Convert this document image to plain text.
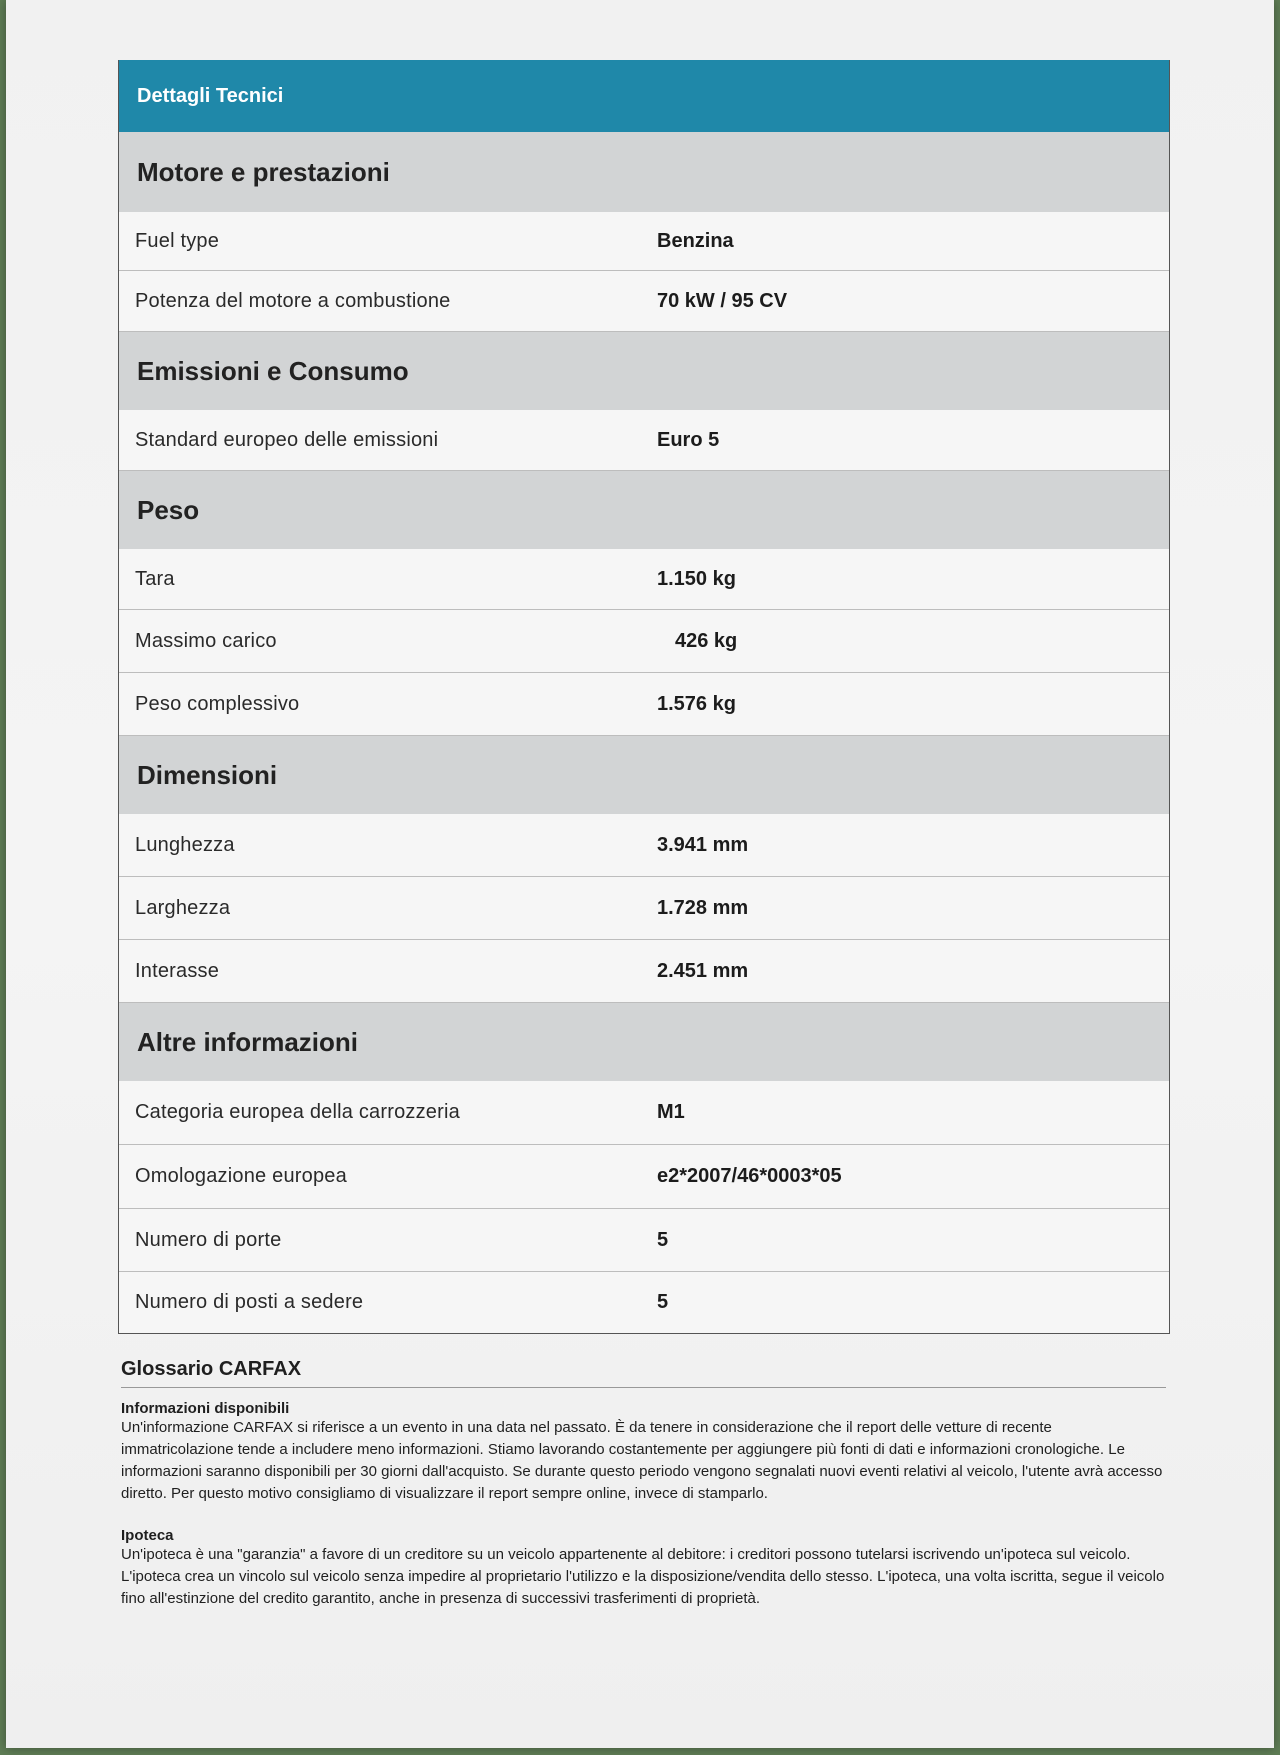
Dettagli Tecnici
Motore e prestazioni
Fuel type	Benzina
Potenza del motore a combustione	70 kW / 95 CV
Emissioni e Consumo
Standard europeo delle emissioni	Euro 5
Peso
Tara	1.150 kg
Massimo carico	426 kg
Peso complessivo	1.576 kg
Dimensioni
Lunghezza	3.941 mm
Larghezza	1.728 mm
Interasse	2.451 mm
Altre informazioni
Categoria europea della carrozzeria	M1
Omologazione europea	e2*2007/46*0003*05
Numero di porte	5
Numero di posti a sedere	5
Glossario CARFAX
Informazioni disponibili
Un'informazione CARFAX si riferisce a un evento in una data nel passato. È da tenere in considerazione che il report delle vetture di recente immatricolazione tende a includere meno informazioni. Stiamo lavorando costantemente per aggiungere più fonti di dati e informazioni cronologiche. Le informazioni saranno disponibili per 30 giorni dall'acquisto. Se durante questo periodo vengono segnalati nuovi eventi relativi al veicolo, l'utente avrà accesso diretto. Per questo motivo consigliamo di visualizzare il report sempre online, invece di stamparlo.
Ipoteca
Un'ipoteca è una "garanzia" a favore di un creditore su un veicolo appartenente al debitore: i creditori possono tutelarsi iscrivendo un'ipoteca sul veicolo. L'ipoteca crea un vincolo sul veicolo senza impedire al proprietario l'utilizzo e la disposizione/vendita dello stesso. L'ipoteca, una volta iscritta, segue il veicolo fino all'estinzione del credito garantito, anche in presenza di successivi trasferimenti di proprietà.
